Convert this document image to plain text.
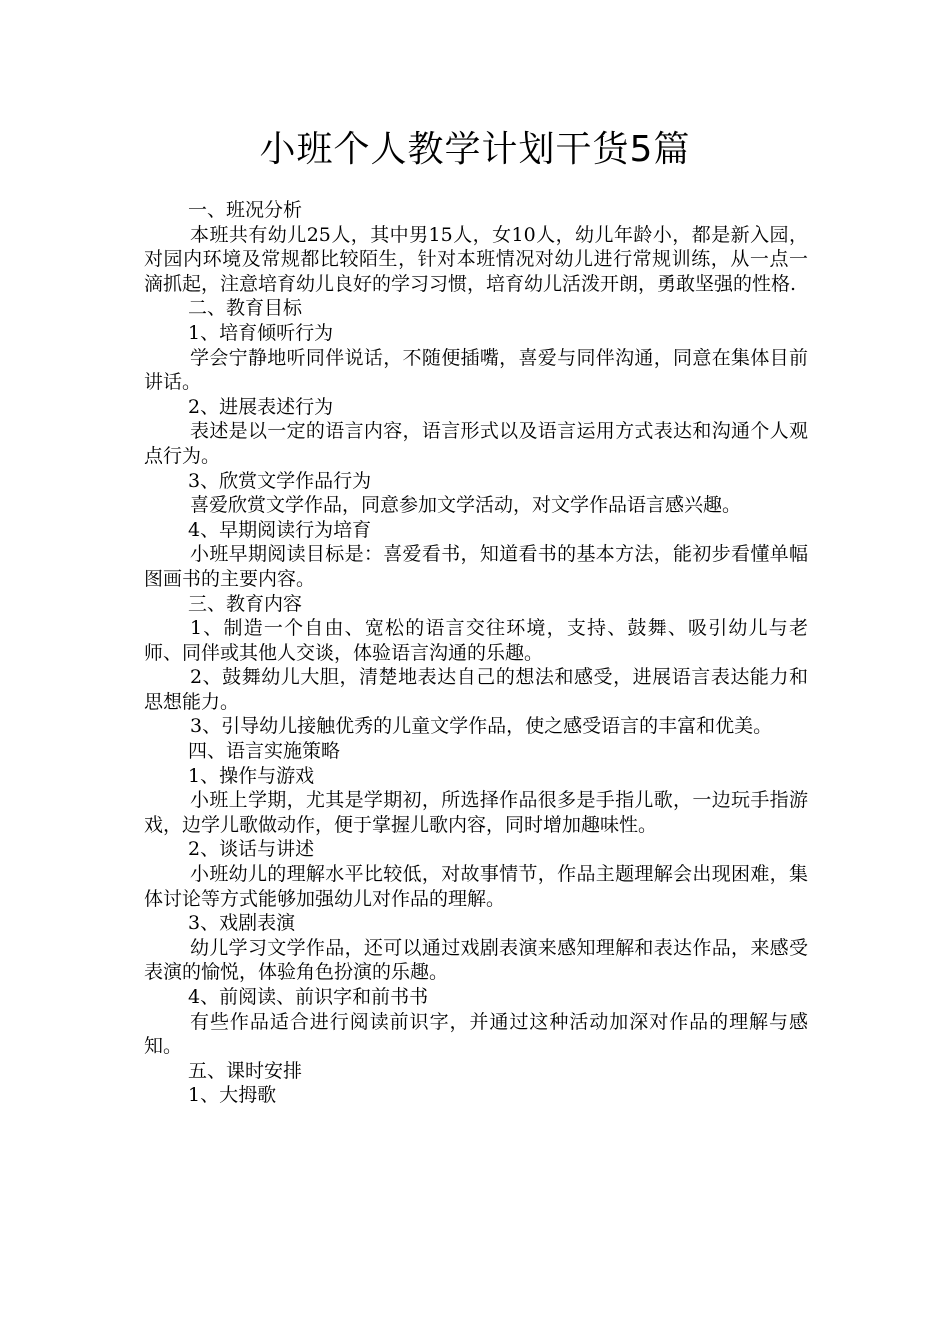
小班个人教学计划干货5篇

一、班况分析

本班共有幼儿25人，其中男15人，女10人，幼儿年龄小，都是新入园，对园内环境及常规都比较陌生，针对本班情况对幼儿进行常规训练，从一点一滴抓起，注意培育幼儿良好的学习习惯，培育幼儿活泼开朗，勇敢坚强的性格.

二、教育目标

1、培育倾听行为

学会宁静地听同伴说话，不随便插嘴，喜爱与同伴沟通，同意在集体目前讲话。

2、进展表述行为

表述是以一定的语言内容，语言形式以及语言运用方式表达和沟通个人观点行为。

3、欣赏文学作品行为

喜爱欣赏文学作品，同意参加文学活动，对文学作品语言感兴趣。

4、早期阅读行为培育

小班早期阅读目标是：喜爱看书，知道看书的基本方法，能初步看懂单幅图画书的主要内容。

三、教育内容

1、制造一个自由、宽松的语言交往环境，支持、鼓舞、吸引幼儿与老师、同伴或其他人交谈，体验语言沟通的乐趣。

2、鼓舞幼儿大胆，清楚地表达自己的想法和感受，进展语言表达能力和思想能力。

3、引导幼儿接触优秀的儿童文学作品，使之感受语言的丰富和优美。

四、语言实施策略

1、操作与游戏

小班上学期，尤其是学期初，所选择作品很多是手指儿歌，一边玩手指游戏，边学儿歌做动作，便于掌握儿歌内容，同时增加趣味性。

2、谈话与讲述

小班幼儿的理解水平比较低，对故事情节，作品主题理解会出现困难，集体讨论等方式能够加强幼儿对作品的理解。

3、戏剧表演

幼儿学习文学作品，还可以通过戏剧表演来感知理解和表达作品，来感受表演的愉悦，体验角色扮演的乐趣。

4、前阅读、前识字和前书书

有些作品适合进行阅读前识字，并通过这种活动加深对作品的理解与感知。

五、课时安排

1、大拇歌
